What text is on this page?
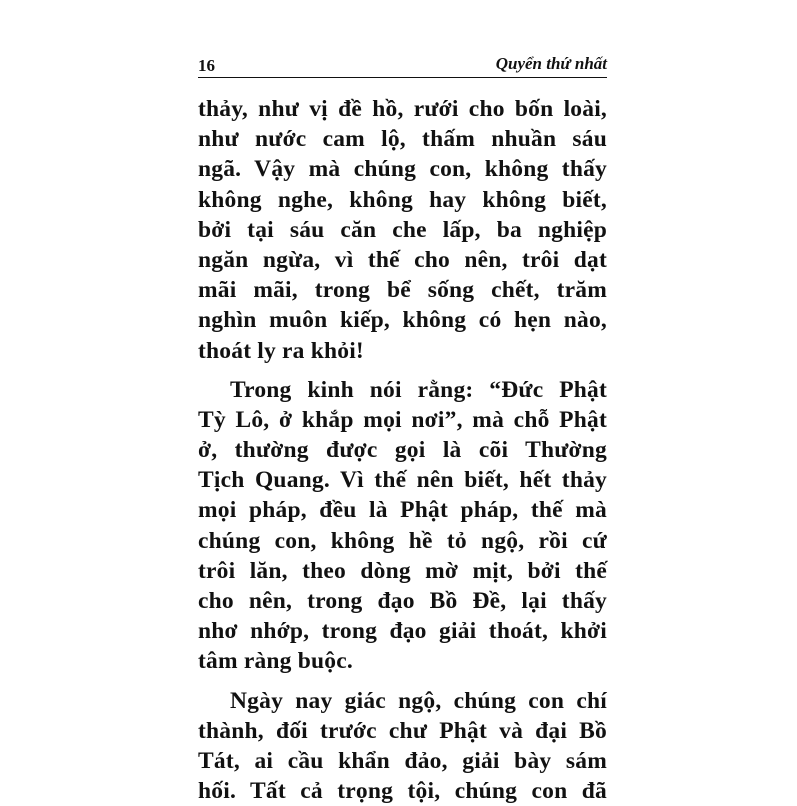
16	Quyển thứ nhất

thảy, như vị đề hồ, rưới cho bốn loài,
như nước cam lộ, thấm nhuần sáu
ngã. Vậy mà chúng con, không thấy
không nghe, không hay không biết,
bởi tại sáu căn che lấp, ba nghiệp
ngăn ngừa, vì thế cho nên, trôi dạt
mãi mãi, trong bể sống chết, trăm
nghìn muôn kiếp, không có hẹn nào,
thoát ly ra khỏi!

Trong kinh nói rằng: “Đức Phật
Tỳ Lô, ở khắp mọi nơi”, mà chỗ Phật
ở, thường được gọi là cõi Thường
Tịch Quang. Vì thế nên biết, hết thảy
mọi pháp, đều là Phật pháp, thế mà
chúng con, không hề tỏ ngộ, rồi cứ
trôi lăn, theo dòng mờ mịt, bởi thế
cho nên, trong đạo Bồ Đề, lại thấy
nhơ nhớp, trong đạo giải thoát, khởi
tâm ràng buộc.

Ngày nay giác ngộ, chúng con chí
thành, đối trước chư Phật và đại Bồ
Tát, ai cầu khẩn đảo, giải bày sám
hối. Tất cả trọng tội, chúng con đã
